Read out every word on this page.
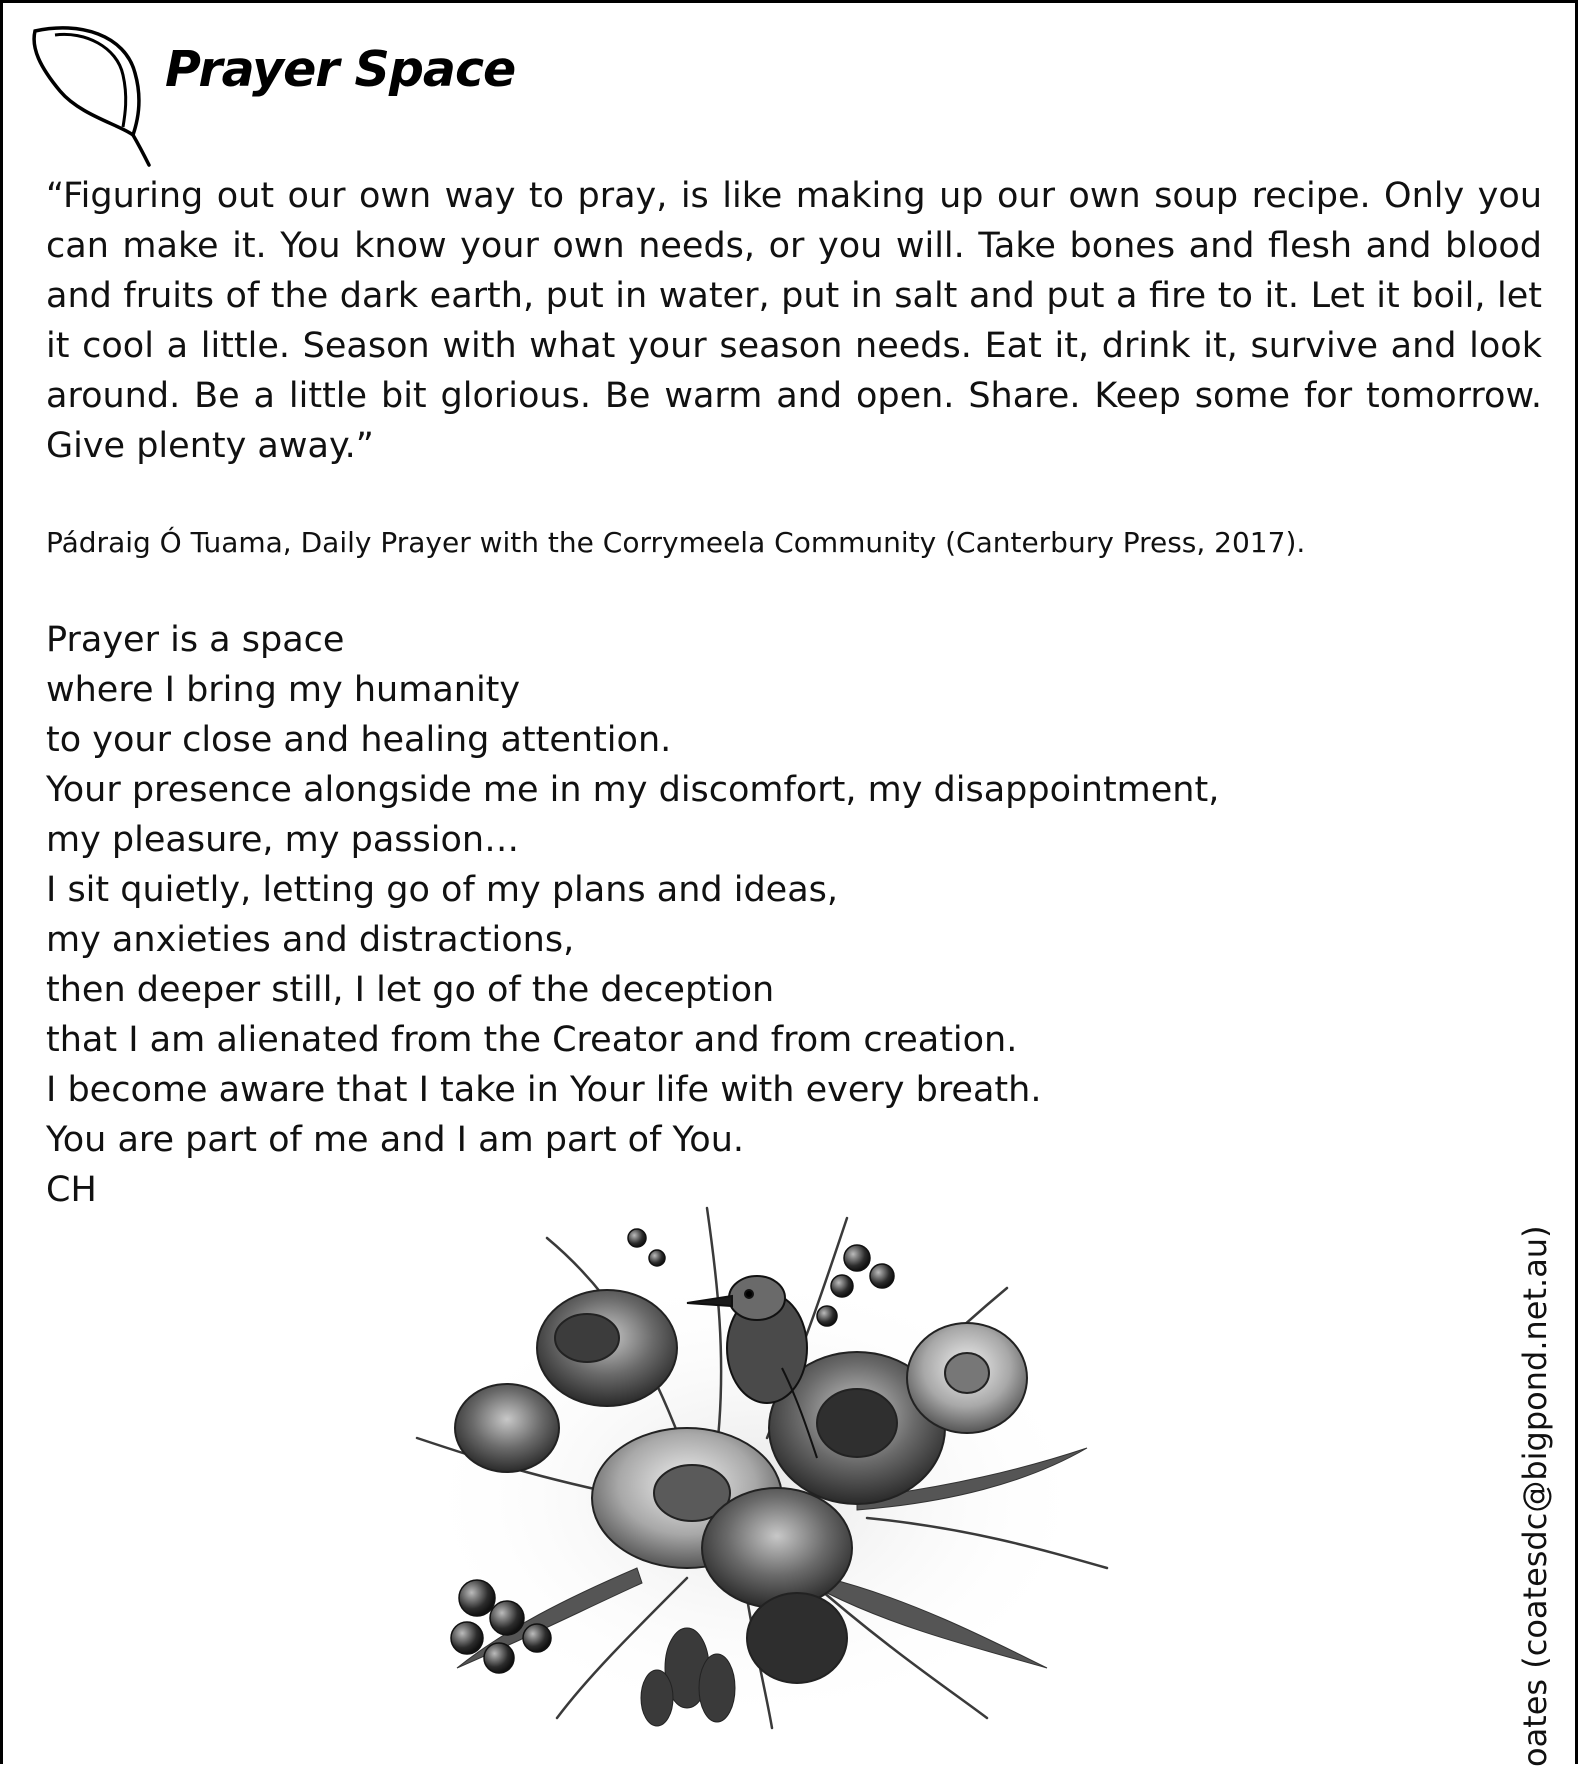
Prayer Space

“Figuring out our own way to pray, is like making up our own soup recipe. Only you can make it. You know your own needs, or you will. Take bones and flesh and blood and fruits of the dark earth, put in water, put in salt and put a fire to it. Let it boil, let it cool a little. Season with what your season needs. Eat it, drink it, survive and look around. Be a little bit glorious. Be warm and open. Share. Keep some for tomorrow. Give plenty away.”

Pádraig Ó Tuama, Daily Prayer with the Corrymeela Community (Canterbury Press, 2017).
Prayer is a space
where I bring my humanity
to your close and healing attention.
Your presence alongside me in my discomfort, my disappointment,
my pleasure, my passion…
I sit quietly, letting go of my plans and ideas,
my anxieties and distractions,
then deeper still, I let go of the deception
that I am alienated from the Creator and from creation.
I become aware that I take in Your life with every breath.
You are part of me and I am part of You.
CH
oates (coatesdc@bigpond.net.au)
